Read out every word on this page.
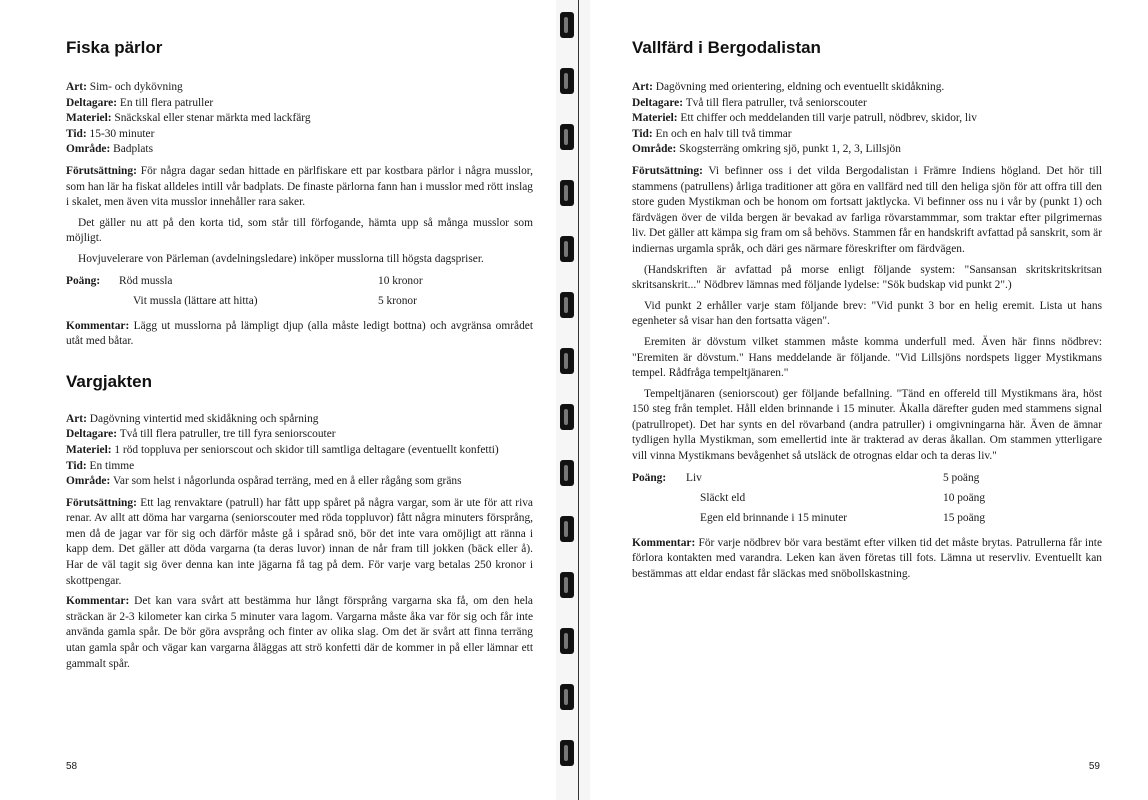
Fiska pärlor

Art: Sim- och dykövning

Deltagare: En till flera patruller

Materiel: Snäckskal eller stenar märkta med lackfärg

Tid: 15-30 minuter

Område: Badplats

Förutsättning: För några dagar sedan hittade en pärlfiskare ett par kostbara pärlor i några musslor, som han lär ha fiskat alldeles intill vår badplats. De finaste pärlorna fann han i musslor med rött inslag i skalet, men även vita musslor innehåller rara saker.

Det gäller nu att på den korta tid, som står till förfogande, hämta upp så många musslor som möjligt.

Hovjuvelerare von Pärleman (avdelningsledare) inköper musslorna till högsta dagspriser.

Poäng:	Röd mussla	10 kronor
Vit mussla (lättare att hitta)	5 kronor

Kommentar: Lägg ut musslorna på lämpligt djup (alla måste ledigt bottna) och avgränsa området utåt med båtar.

Vargjakten

Art: Dagövning vintertid med skidåkning och spårning

Deltagare: Två till flera patruller, tre till fyra seniorscouter

Materiel: 1 röd toppluva per seniorscout och skidor till samtliga deltagare (eventuellt konfetti)

Tid: En timme

Område: Var som helst i någorlunda ospårad terräng, med en å eller rågång som gräns

Förutsättning: Ett lag renvaktare (patrull) har fått upp spåret på några vargar, som är ute för att riva renar. Av allt att döma har vargarna (seniorscouter med röda toppluvor) fått några minuters försprång, men då de jagar var för sig och därför måste gå i spårad snö, bör det inte vara omöjligt att ränna i kapp dem. Det gäller att döda vargarna (ta deras luvor) innan de når fram till jokken (bäck eller å). Har de väl tagit sig över denna kan inte jägarna få tag på dem. För varje varg betalas 250 kronor i skottpengar.

Kommentar: Det kan vara svårt att bestämma hur långt försprång vargarna ska få, om den hela sträckan är 2-3 kilometer kan cirka 5 minuter vara lagom. Vargarna måste åka var för sig och får inte använda gamla spår. De bör göra avsprång och finter av olika slag. Om det är svårt att finna terräng utan gamla spår och vägar kan vargarna åläggas att strö konfetti där de kommer in på eller lämnar ett gammalt spår.

58
Vallfärd i Bergodalistan

Art: Dagövning med orientering, eldning och eventuellt skidåkning.

Deltagare: Två till flera patruller, två seniorscouter

Materiel: Ett chiffer och meddelanden till varje patrull, nödbrev, skidor, liv

Tid: En och en halv till två timmar

Område: Skogsterräng omkring sjö, punkt 1, 2, 3, Lillsjön

Förutsättning: Vi befinner oss i det vilda Bergodalistan i Främre Indiens högland. Det hör till stammens (patrullens) årliga traditioner att göra en vallfärd ned till den heliga sjön för att offra till den store guden Mystikman och be honom om fortsatt jaktlycka. Vi befinner oss nu i vår by (punkt 1) och färdvägen över de vilda bergen är bevakad av farliga rövarstammmar, som traktar efter pilgrimernas liv. Det gäller att kämpa sig fram om så behövs. Stammen får en handskrift avfattad på sanskrit, som är indiernas urgamla språk, och däri ges närmare föreskrifter om färdvägen.

(Handskriften är avfattad på morse enligt följande system: "Sansansan skritskritskritsan skritsanskrit..." Nödbrev lämnas med följande lydelse: "Sök budskap vid punkt 2".)

Vid punkt 2 erhåller varje stam följande brev: "Vid punkt 3 bor en helig eremit. Lista ut hans egenheter så visar han den fortsatta vägen".

Eremiten är dövstum vilket stammen måste komma underfull med. Även här finns nödbrev: "Eremiten är dövstum." Hans meddelande är följande. "Vid Lillsjöns nordspets ligger Mystikmans tempel. Rådfråga tempeltjänaren."

Tempeltjänaren (seniorscout) ger följande befallning. "Tänd en offereld till Mystikmans ära, höst 150 steg från templet. Håll elden brinnande i 15 minuter. Åkalla därefter guden med stammens signal (patrullropet). Det har synts en del rövarband (andra patruller) i omgivningarna här. Även de ämnar tydligen hylla Mystikman, som emellertid inte är trakterad av deras åkallan. Om stammen ytterligare vill vinna Mystikmans bevågenhet så utsläck de otrognas eldar och ta deras liv."

Poäng:	Liv	5 poäng
Släckt eld	10 poäng
Egen eld brinnande i 15 minuter	15 poäng

Kommentar: För varje nödbrev bör vara bestämt efter vilken tid det måste brytas. Patrullerna får inte förlora kontakten med varandra. Leken kan även företas till fots. Lämna ut reservliv. Eventuellt kan bestämmas att eldar endast får släckas med snöbollskastning.

59
